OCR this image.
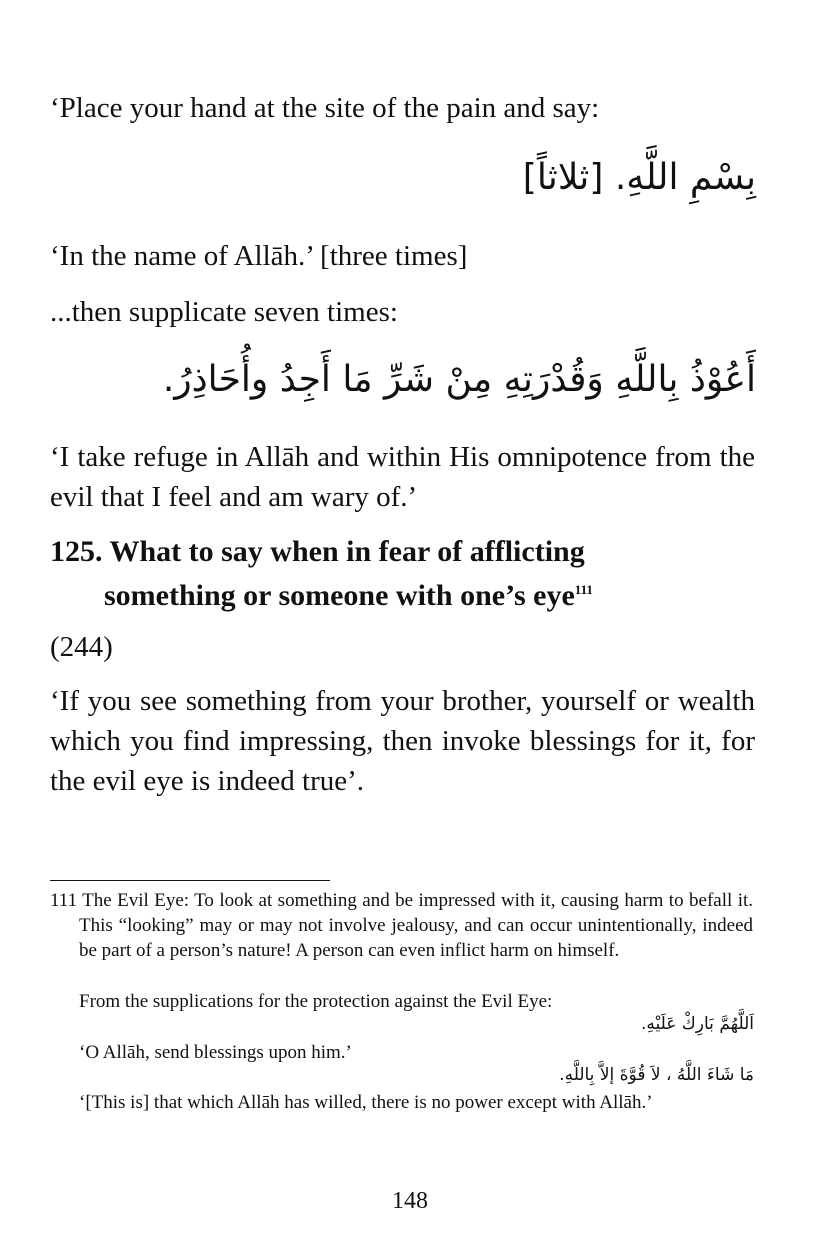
‘Place your hand at the site of the pain and say:

بِسْمِ اللَّهِ. [ثلاثاً]

‘In the name of Allāh.’ [three times]

...then supplicate seven times:

أَعُوْذُ بِاللَّهِ وَقُدْرَتِهِ مِنْ شَرِّ مَا أَجِدُ وأُحَاذِرُ.

‘I take refuge in Allāh and within His omnipotence from the evil that I feel and am wary of.’

125. What to say when in fear of afflicting
something or someone with one’s eye$^{111}$

(244)

‘If you see something from your brother, yourself or wealth which you find impressing, then invoke blessings for it, for the evil eye is indeed true’.

111 The Evil Eye: To look at something and be impressed with it, causing harm to befall it. This “looking” may or may not involve jealousy, and can occur unintentionally, indeed be part of a person’s nature! A person can even inflict harm on himself.
From the supplications for the protection against the Evil Eye:
اَللَّهُمَّ بَارِكْ عَلَيْهِ.
‘O Allāh, send blessings upon him.’
مَا شَاءَ اللَّهُ ، لاَ قُوَّةَ إلاَّ بِاللَّهِ.
‘[This is] that which Allāh has willed, there is no power except with Allāh.’
148
